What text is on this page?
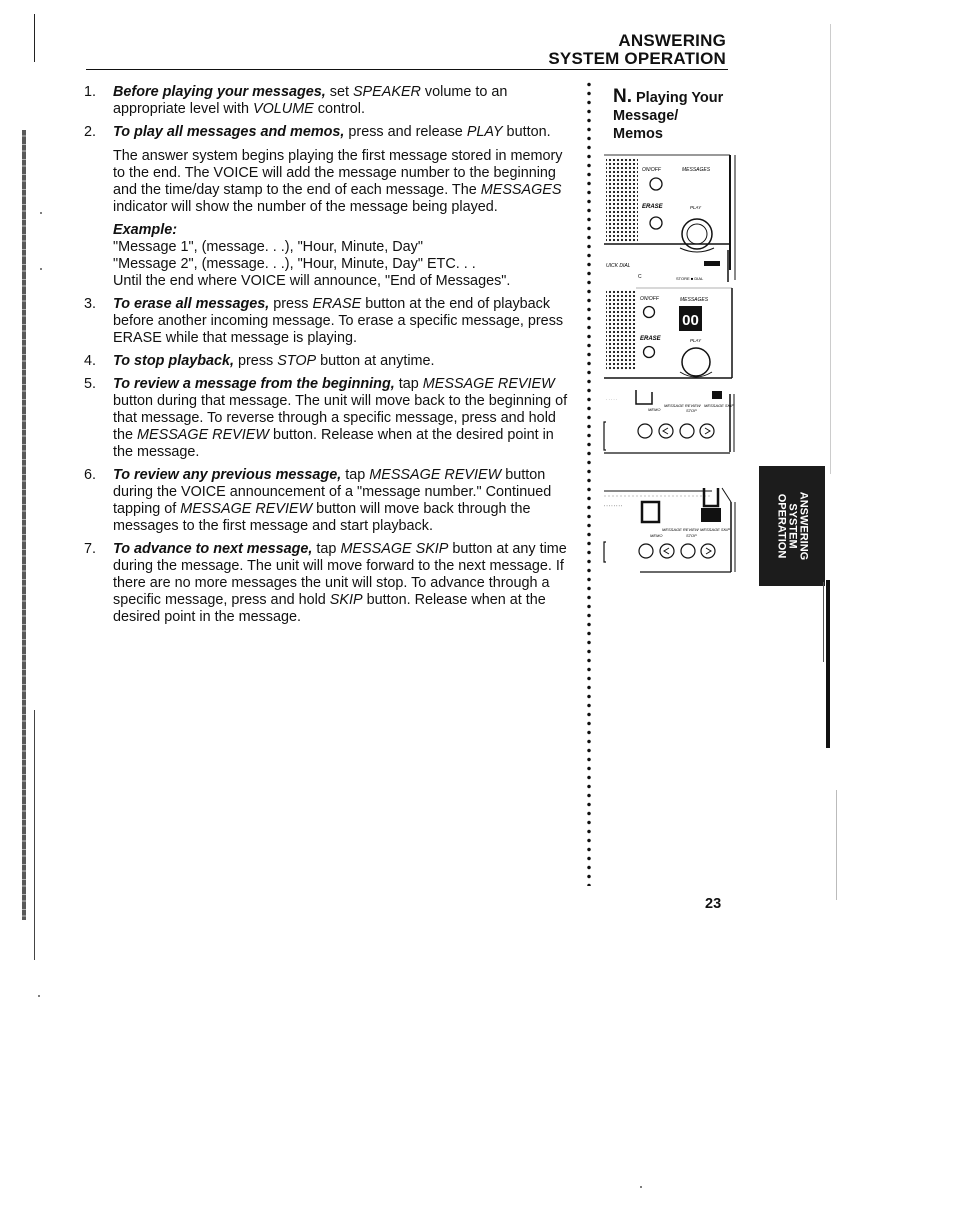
ANSWERING
SYSTEM OPERATION
1.	Before playing your messages, set SPEAKER volume to an appropriate level with VOLUME control.
2.	To play all messages and memos, press and release PLAY button.
The answer system begins playing the first message stored in memory to the end. The VOICE will add the message number to the beginning and the time/day stamp to the end of each message. The MESSAGES indicator will show the number of the message being played.
Example:
"Message 1", (message. . .), "Hour, Minute, Day"
"Message 2", (message. . .), "Hour, Minute, Day" ETC. . .
Until the end where VOICE will announce, "End of Messages".
3.	To erase all messages, press ERASE button at the end of playback before another incoming message. To erase a specific message, press ERASE while that message is playing.
4.	To stop playback, press STOP button at anytime.
5.	To review a message from the beginning, tap MESSAGE REVIEW button during that message. The unit will move back to the beginning of that message. To reverse through a specific message, press and hold the MESSAGE REVIEW button. Release when at the desired point in the message.
6.	To review any previous message, tap MESSAGE REVIEW button during the VOICE announcement of a "message number." Continued tapping of MESSAGE REVIEW button will move back through the messages to the first message and start playback.
7.	To advance to next message, tap MESSAGE SKIP button at any time during the message. The unit will move forward to the next message. If there are no more messages the unit will stop. To advance through a specific message, press and hold SKIP button. Release when at the desired point in the message.
N. Playing Your
Message/
Memos
ON/OFF	MESSAGES
ERASE	PLAY
UICK DIAL
C	STORE ■ DIAL
ON/OFF	MESSAGES
00
ERASE	PLAY
· · · · ·
MEMO
MESSAGE REVIEW
STOP
MESSAGE SKIP
· · · · · · · ·
MEMO
MESSAGE REVIEW
STOP
MESSAGE SKIP	ANSWERING
SYSTEM
OPERATION
23
